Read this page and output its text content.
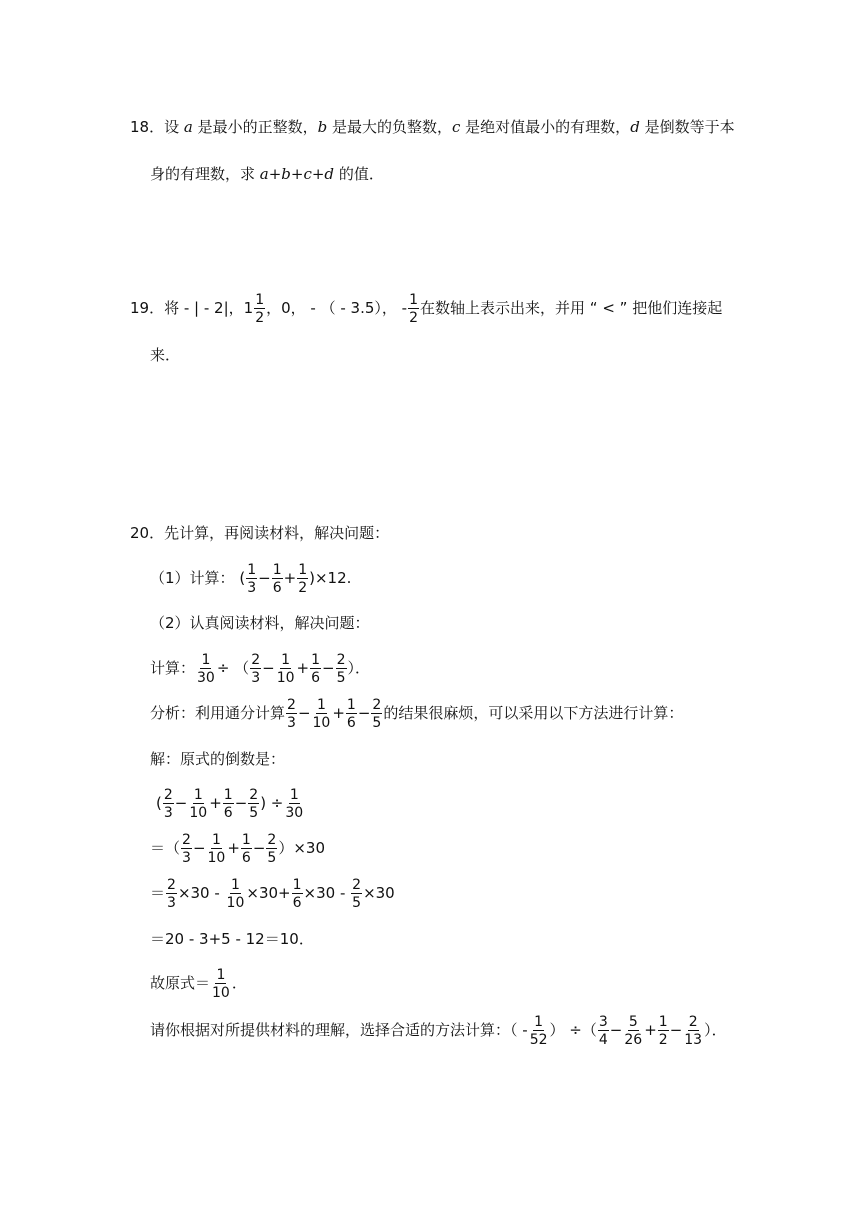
18．设 a 是最小的正整数，b 是最大的负整数，c 是绝对值最小的有理数，d 是倒数等于本
身的有理数，求 a+b+c+d 的值．
19．将 - | - 2|，$1 \frac{1}{2}$ ，0， - （ - 3.5）， - $\frac{1}{2}$ 在数轴上表示出来，并用 “ < ” 把他们连接起
来．
20．先计算，再阅读材料，解决问题：
（1）计算： ( $\frac{1}{3} - \frac{1}{6} + \frac{1}{2} )\times 12$.
（2）认真阅读材料，解决问题：
计算： $\frac{1}{30}$ ÷ （ $\frac{2}{3} - \frac{1}{10} + \frac{1}{6} - \frac{2}{5}$ ）．
分析：利用通分计算 $\frac{2}{3} - \frac{1}{10} + \frac{1}{6} - \frac{2}{5}$ 的结果很麻烦，可以采用以下方法进行计算：
解：原式的倒数是：
( $\frac{2}{3} - \frac{1}{10} + \frac{1}{6} - \frac{2}{5}$ ) ÷ $\frac{1}{30}$
＝（ $\frac{2}{3} - \frac{1}{10} + \frac{1}{6} - \frac{2}{5} )\times 30$
＝ $\frac{2}{3} \times 30 - \frac{1}{10} \times 30+ \frac{1}{6} \times 30 - \frac{2}{5} \times 30$
＝20 - 3+5 - 12＝10．
故原式＝ $\frac{1}{10}$ ．
请你根据对所提供材料的理解，选择合适的方法计算：（ - $\frac{1}{52}$ ） ÷（ $\frac{3}{4} - \frac{5}{26} + \frac{1}{2} - \frac{2}{13}$ ）．
